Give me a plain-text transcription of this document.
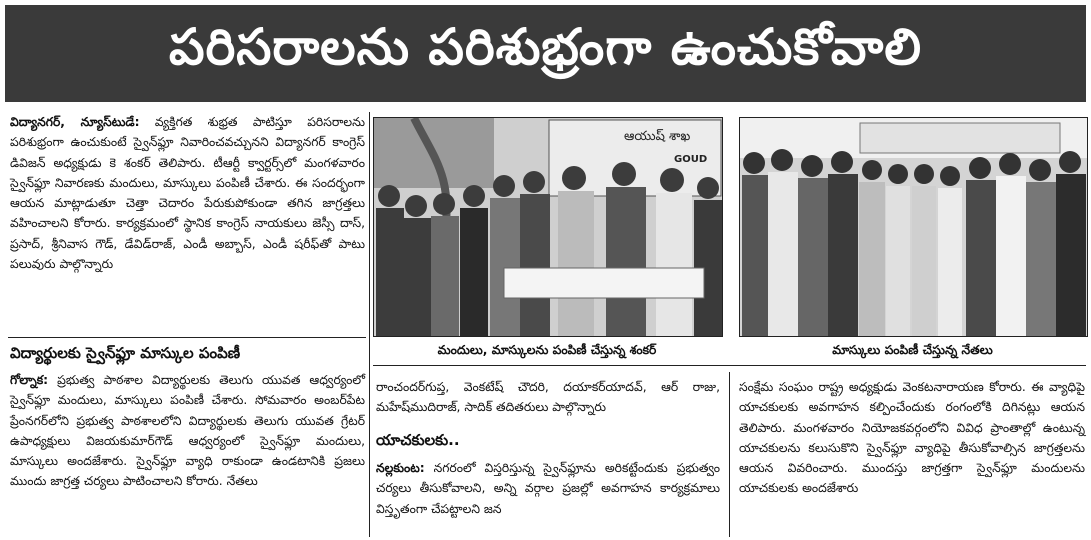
పరిసరాలను పరిశుభ్రంగా ఉంచుకోవాలి

విద్యానగర్, న్యూస్‌టుడే: వ్యక్తిగత శుభ్రత పాటిస్తూ పరిసరాలను పరిశుభ్రంగా ఉంచుకుంటే స్వైన్‌ఫ్లూ నివారించవచ్చునని విద్యానగర్ కాంగ్రెస్ డివిజన్ అధ్యక్షుడు కె శంకర్ తెలిపారు. టీఆర్టీ క్వార్టర్స్‌లో మంగళవారం స్వైన్‌ఫ్లూ నివారణకు మందులు, మాస్కులు పంపిణీ చేశారు. ఈ సందర్భంగా ఆయన మాట్లాడుతూ చెత్తా చెదారం పేరుకుపోకుండా తగిన జాగ్రత్తలు వహించాలని కోరారు. కార్యక్రమంలో స్థానిక కాంగ్రెస్ నాయకులు జెస్సీ దాస్, ప్రసాద్, శ్రీనివాస గౌడ్, డేవిడ్‌రాజ్, ఎండీ అబ్బాస్, ఎండీ షరీఫ్‌తో పాటు పలువురు పాల్గొన్నారు

విద్యార్థులకు స్వైన్‌ఫ్లూ మాస్కుల పంపిణీ

గోల్నాక: ప్రభుత్వ పాఠశాల విద్యార్థులకు తెలుగు యువత ఆధ్వర్యంలో స్వైన్‌ఫ్లూ మందులు, మాస్కులు పంపిణీ చేశారు. సోమవారం అంబర్‌పేట ప్రేంనగర్‌లోని ప్రభుత్వ పాఠశాలలోని విద్యార్థులకు తెలుగు యువత గ్రేటర్ ఉపాధ్యక్షులు విజయకుమార్‌గౌడ్ ఆధ్వర్యంలో స్వైన్‌ఫ్లూ మందులు, మాస్కులు అందజేశారు. స్వైన్‌ఫ్లూ వ్యాధి రాకుండా ఉండటానికి ప్రజలు ముందు జాగ్రత్త చర్యలు పాటించాలని కోరారు. నేతలు

ఆయుష్ శాఖ
GOUD
మందులు, మాస్కులను పంపిణీ చేస్తున్న శంకర్	మాస్కులు పంపిణీ చేస్తున్న నేతలు
రాంచందర్‌గుప్త, వెంకటేష్ చౌదరి, దయాకర్‌యాదవ్, ఆర్ రాజు, మహేష్‌ముదిరాజ్, సాదిక్ తదితరులు పాల్గొన్నారు
యాచకులకు..

నల్లకుంట: నగరంలో విస్తరిస్తున్న స్వైన్‌ఫ్లూను అరికట్టేందుకు ప్రభుత్వం చర్యలు తీసుకోవాలని, అన్ని వర్గాల ప్రజల్లో అవగాహన కార్యక్రమాలు విస్తృతంగా చేపట్టాలని జన

సంక్షేమ సంఘం రాష్ట్ర అధ్యక్షుడు వెంకటనారాయణ కోరారు. ఈ వ్యాధిపై యాచకులకు అవగాహన కల్పించేందుకు రంగంలోకి దిగినట్లు ఆయన తెలిపారు. మంగళవారం నియోజకవర్గంలోని వివిధ ప్రాంతాల్లో ఉంటున్న యాచకులను కలుసుకొని స్వైన్‌ఫ్లూ వ్యాధిపై తీసుకోవాల్సిన జాగ్రత్తలను ఆయన వివరించారు. ముందస్తు జాగ్రత్తగా స్వైన్‌ఫ్లూ మందులను యాచకులకు అందజేశారు
